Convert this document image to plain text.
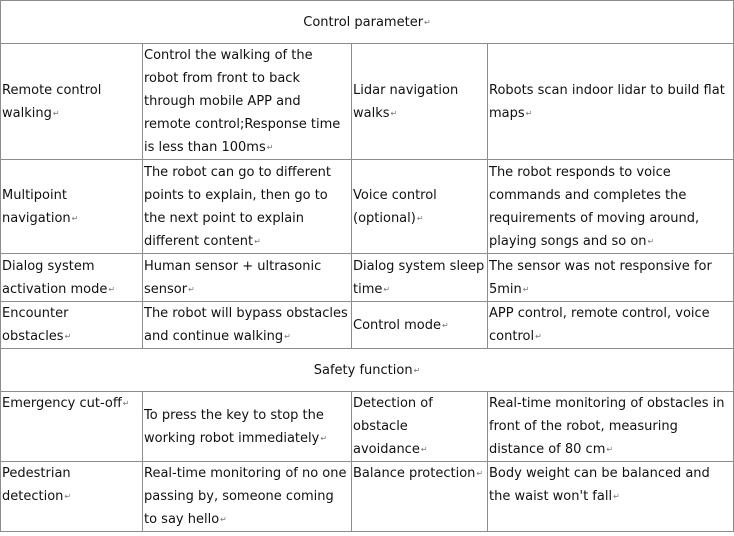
Control parameter ↵
Remote control walking ↵	Control the walking of the robot from front to back through mobile APP and remote control;Response time is less than 100ms ↵	Lidar navigation walks ↵	Robots scan indoor lidar to build flat maps ↵
Multipoint navigation ↵	The robot can go to different points to explain, then go to the next point to explain different content ↵	Voice control (optional) ↵	The robot responds to voice commands and completes the requirements of moving around, playing songs and so on ↵
Dialog system activation mode ↵	Human sensor + ultrasonic sensor ↵	Dialog system sleep time ↵	The sensor was not responsive for 5min ↵
Encounter obstacles ↵	The robot will bypass obstacles and continue walking ↵	Control mode ↵	APP control, remote control, voice control ↵
Safety function ↵
Emergency cut-off ↵	To press the key to stop the working robot immediately ↵	Detection of obstacle avoidance ↵	Real-time monitoring of obstacles in front of the robot, measuring distance of 80 cm ↵
Pedestrian detection ↵	Real-time monitoring of no one passing by, someone coming to say hello ↵	Balance protection ↵	Body weight can be balanced and the waist won't fall ↵
